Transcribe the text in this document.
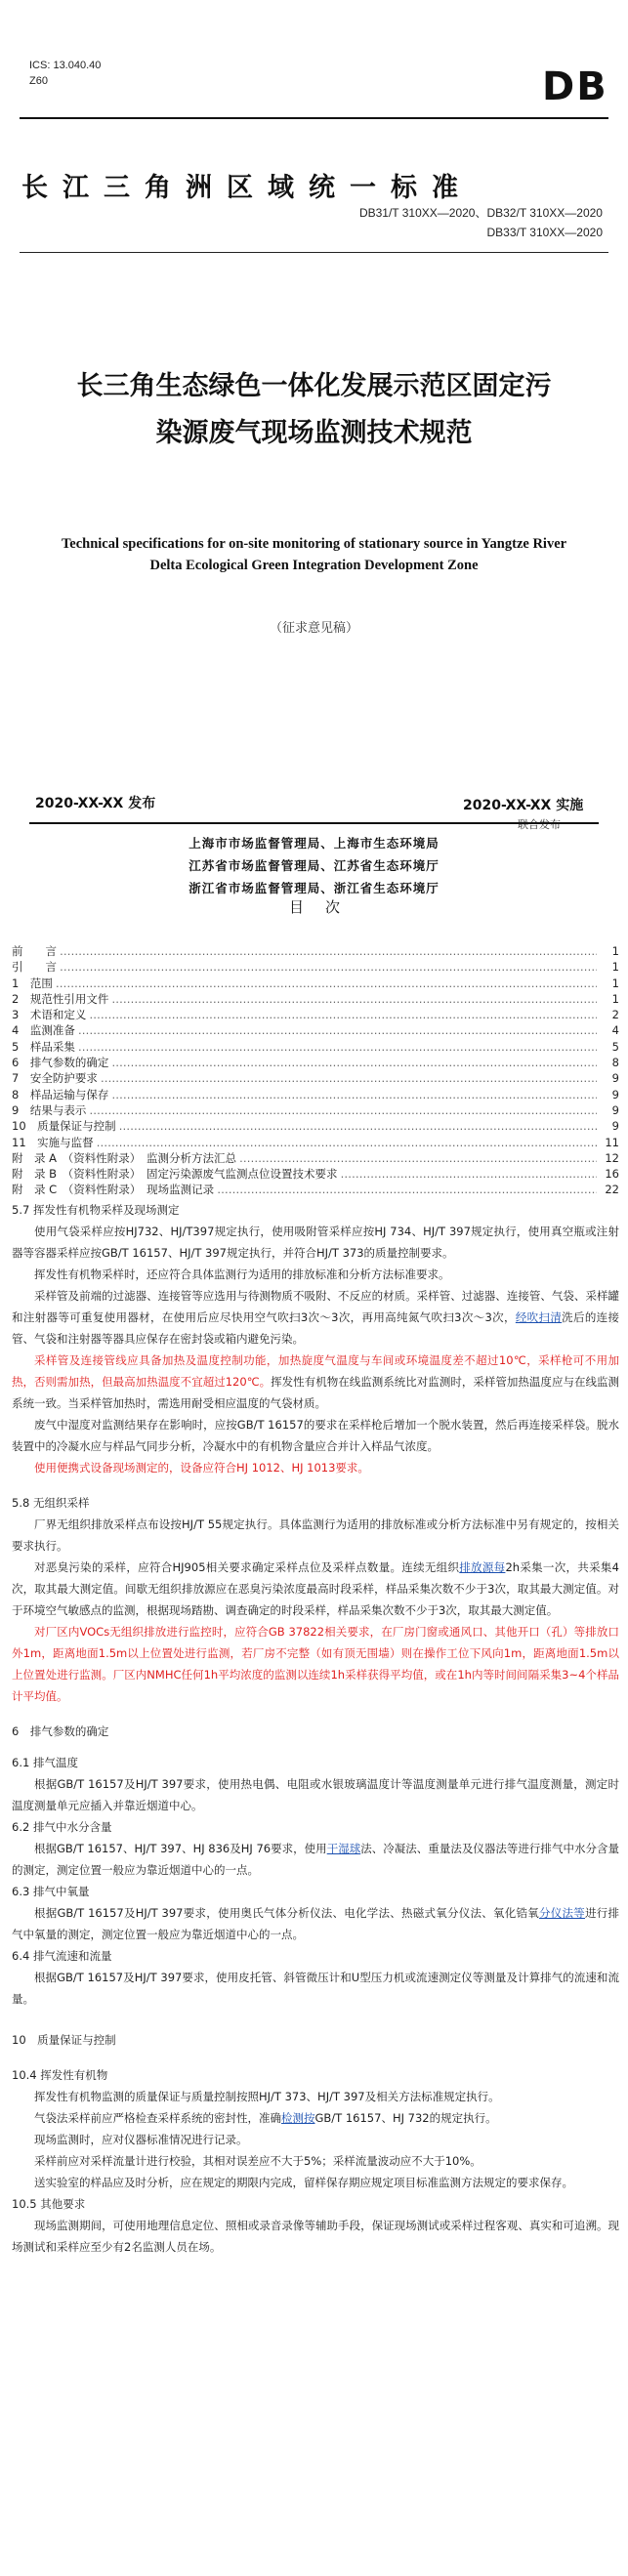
ICS: 13.040.40
Z60	DB
长江三角洲区域统一标准
DB31/T 310XX—2020、DB32/T 310XX—2020
DB33/T 310XX—2020
长三角生态绿色一体化发展示范区固定污
染源废气现场监测技术规范
Technical specifications for on-site monitoring of stationary source in Yangtze River
Delta Ecological Green Integration Development Zone
（征求意见稿）
2020-XX-XX 发布	2020-XX-XX 实施
联合发布
上海市市场监督管理局、上海市生态环境局
江苏省市场监督管理局、江苏省生态环境厅
浙江省市场监督管理局、浙江省生态环境厅
目次
前　　言 ………………………………………………………………………………………………………………………………………………………………………………………………………………	1
引　　言 ………………………………………………………………………………………………………………………………………………………………………………………………………………	1
1　范围 ………………………………………………………………………………………………………………………………………………………………………………………………………………	1
2　规范性引用文件 ………………………………………………………………………………………………………………………………………………………………………………………………………………	1
3　术语和定义 ………………………………………………………………………………………………………………………………………………………………………………………………………………	2
4　监测准备 ………………………………………………………………………………………………………………………………………………………………………………………………………………	4
5　样品采集 ………………………………………………………………………………………………………………………………………………………………………………………………………………	5
6　排气参数的确定 ………………………………………………………………………………………………………………………………………………………………………………………………………………	8
7　安全防护要求 ………………………………………………………………………………………………………………………………………………………………………………………………………………	9
8　样品运输与保存 ………………………………………………………………………………………………………………………………………………………………………………………………………………	9
9　结果与表示 ………………………………………………………………………………………………………………………………………………………………………………………………………………	9
10　质量保证与控制 ………………………………………………………………………………………………………………………………………………………………………………………………………………	9
11　实施与监督 ………………………………………………………………………………………………………………………………………………………………………………………………………………	11
附　录 A　（资料性附录）　监测分析方法汇总 ………………………………………………………………………………………………………………………………………………………………………………………………………………	12
附　录 B　（资料性附录）　固定污染源废气监测点位设置技术要求 ………………………………………………………………………………………………………………………………………………………………………………………………………………	16
附　录 C　（资料性附录）　现场监测记录 ………………………………………………………………………………………………………………………………………………………………………………………………………………	22
5.7 挥发性有机物采样及现场测定

使用气袋采样应按HJ732、HJ/T397规定执行，使用吸附管采样应按HJ 734、HJ/T 397规定执行，使用真空瓶或注射器等容器采样应按GB/T 16157、HJ/T 397规定执行，并符合HJ/T 373的质量控制要求。

挥发性有机物采样时，还应符合具体监测行为适用的排放标准和分析方法标准要求。

采样管及前端的过滤器、连接管等应选用与待测物质不吸附、不反应的材质。采样管、过滤器、连接管、气袋、采样罐和注射器等可重复使用器材，在使用后应尽快用空气吹扫3次～3次，再用高纯氮气吹扫3次～3次，经吹扫清洗后的连接管、气袋和注射器等器具应保存在密封袋或箱内避免污染。

采样管及连接管线应具备加热及温度控制功能，加热旋度气温度与车间或环境温度差不超过10℃，采样枪可不用加热，否则需加热，但最高加热温度不宜超过120℃。挥发性有机物在线监测系统比对监测时，采样管加热温度应与在线监测系统一致。当采样管加热时，需选用耐受相应温度的气袋材质。

废气中湿度对监测结果存在影响时，应按GB/T 16157的要求在采样枪后增加一个脱水装置，然后再连接采样袋。脱水装置中的冷凝水应与样品气同步分析，冷凝水中的有机物含量应合并计入样品气浓度。

使用便携式设备现场测定的，设备应符合HJ 1012、HJ 1013要求。

5.8 无组织采样

厂界无组织排放采样点布设按HJ/T 55规定执行。具体监测行为适用的排放标准或分析方法标准中另有规定的，按相关要求执行。

对恶臭污染的采样，应符合HJ905相关要求确定采样点位及采样点数量。连续无组织排放源每2h采集一次，共采集4次，取其最大测定值。间歇无组织排放源应在恶臭污染浓度最高时段采样，样品采集次数不少于3次，取其最大测定值。对于环境空气敏感点的监测，根据现场踏勘、调查确定的时段采样，样品采集次数不少于3次，取其最大测定值。

对厂区内VOCs无组织排放进行监控时，应符合GB 37822相关要求，在厂房门窗或通风口、其他开口（孔）等排放口外1m，距离地面1.5m以上位置处进行监测，若厂房不完整（如有顶无围墙）则在操作工位下风向1m，距离地面1.5m以上位置处进行监测。厂区内NMHC任何1h平均浓度的监测以连续1h采样获得平均值，或在1h内等时间间隔采集3~4个样品计平均值。

6　排气参数的确定
6.1 排气温度

根据GB/T 16157及HJ/T 397要求，使用热电偶、电阻或水银玻璃温度计等温度测量单元进行排气温度测量，测定时温度测量单元应插入并靠近烟道中心。

6.2 排气中水分含量

根据GB/T 16157、HJ/T 397、HJ 836及HJ 76要求，使用干湿球法、冷凝法、重量法及仪器法等进行排气中水分含量的测定，测定位置一般应为靠近烟道中心的一点。

6.3 排气中氧量

根据GB/T 16157及HJ/T 397要求，使用奥氏气体分析仪法、电化学法、热磁式氧分仪法、氧化锆氧分仪法等进行排气中氧量的测定，测定位置一般应为靠近烟道中心的一点。

6.4 排气流速和流量

根据GB/T 16157及HJ/T 397要求，使用皮托管、斜管微压计和U型压力机或流速测定仪等测量及计算排气的流速和流量。

10　质量保证与控制
10.4 挥发性有机物

挥发性有机物监测的质量保证与质量控制按照HJ/T 373、HJ/T 397及相关方法标准规定执行。

气袋法采样前应严格检查采样系统的密封性，准确检测按GB/T 16157、HJ 732的规定执行。

现场监测时，应对仪器标准情况进行记录。

采样前应对采样流量计进行校验，其相对误差应不大于5%；采样流量波动应不大于10%。

送实验室的样品应及时分析，应在规定的期限内完成，留样保存期应规定项目标准监测方法规定的要求保存。

10.5 其他要求

现场监测期间，可使用地理信息定位、照相或录音录像等辅助手段，保证现场测试或采样过程客观、真实和可追溯。现场测试和采样应至少有2名监测人员在场。
